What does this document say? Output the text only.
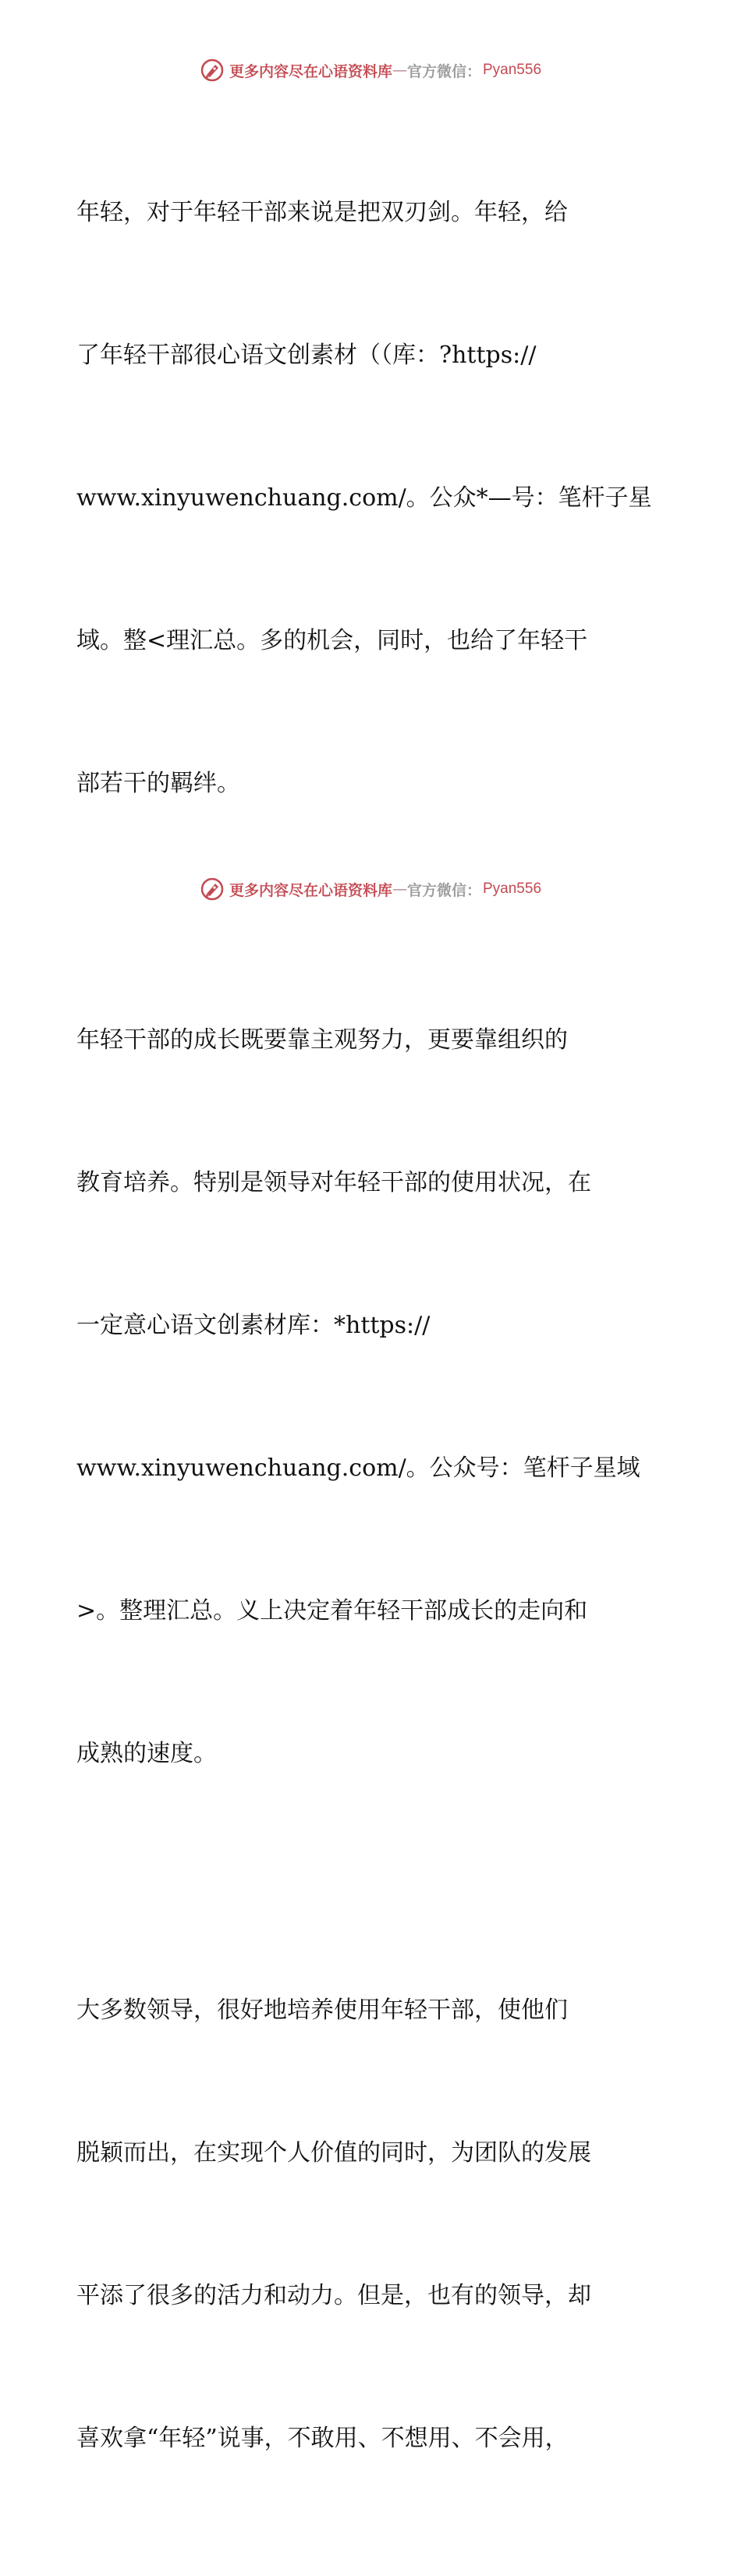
更多内容尽在心语资料库 — 官方微信： Pyan556

年轻，对于年轻干部来说是把双刃剑。年轻，给

了年轻干部很心语文创素材（（库：?https://

www.xinyuwenchuang.com/。公众*—号：笔杆子星

域。整<理汇总。多的机会，同时，也给了年轻干

部若干的羁绊。

年轻干部的成长既要靠主观努力，更要靠组织的

教育培养。特别是领导对年轻干部的使用状况，在

一定意心语文创素材库：*https://

www.xinyuwenchuang.com/。公众号：笔杆子星域

>。整理汇总。义上决定着年轻干部成长的走向和

成熟的速度。

大多数领导，很好地培养使用年轻干部，使他们

脱颖而出，在实现个人价值的同时，为团队的发展

平添了很多的活力和动力。但是，也有的领导，却

喜欢拿“年轻”说事，不敢用、不想用、不会用，

更多内容尽在心语资料库 — 官方微信： Pyan556
